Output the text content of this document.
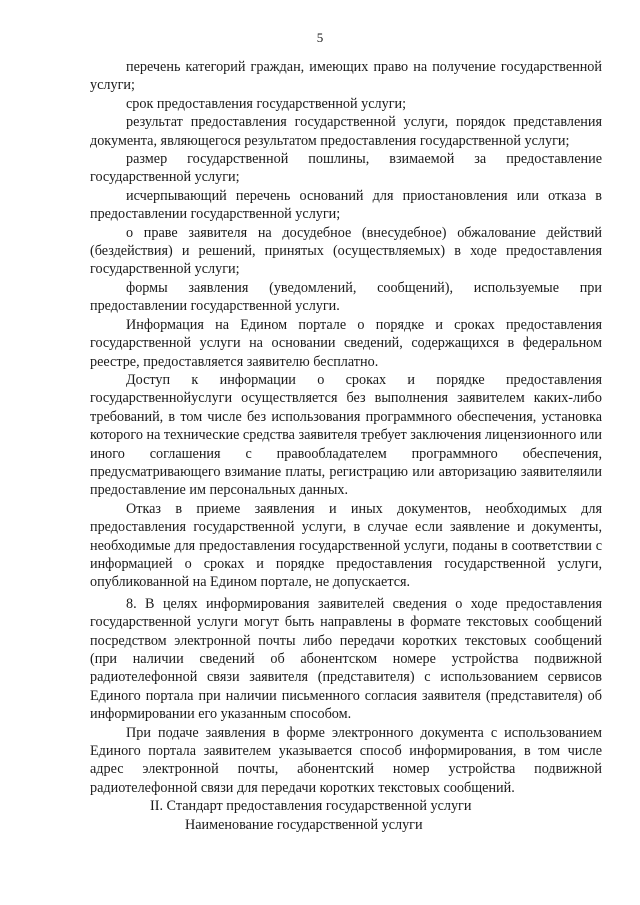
5

перечень категорий граждан, имеющих право на получение государственной услуги;

срок предоставления государственной услуги;

результат предоставления государственной услуги, порядок представления документа, являющегося результатом предоставления государственной услуги;

размер государственной пошлины, взимаемой за предоставление государственной услуги;

исчерпывающий перечень оснований для приостановления или отказа в предоставлении государственной услуги;

о праве заявителя на досудебное (внесудебное) обжалование действий (бездействия) и решений, принятых (осуществляемых) в ходе предоставления государственной услуги;

формы заявления (уведомлений, сообщений), используемые при предоставлении государственной услуги.

Информация на Едином портале о порядке и сроках предоставления государственной услуги на основании сведений, содержащихся в федеральном реестре, предоставляется заявителю бесплатно.

Доступ к информации о сроках и порядке предоставления государственнойуслуги осуществляется без выполнения заявителем каких-либо требований, в том числе без использования программного обеспечения, установка которого на технические средства заявителя требует заключения лицензионного или иного соглашения с правообладателем программного обеспечения, предусматривающего взимание платы, регистрацию или авторизацию заявителяили предоставление им персональных данных.

Отказ в приеме заявления и иных документов, необходимых для предоставления государственной услуги, в случае если заявление и документы, необходимые для предоставления государственной услуги, поданы в соответствии с информацией о сроках и порядке предоставления государственной услуги, опубликованной на Едином портале, не допускается.

8. В целях информирования заявителей сведения о ходе предоставления государственной услуги могут быть направлены в формате текстовых сообщений посредством электронной почты либо передачи коротких текстовых сообщений (при наличии сведений об абонентском номере устройства подвижной радиотелефонной связи заявителя (представителя) с использованием сервисов Единого портала при наличии письменного согласия заявителя (представителя) об информировании его указанным способом.

При подаче заявления в форме электронного документа с использованием Единого портала заявителем указывается способ информирования, в том числе адрес электронной почты, абонентский номер устройства подвижной радиотелефонной связи для передачи коротких текстовых сообщений.

II. Стандарт предоставления государственной услуги
Наименование государственной услуги
